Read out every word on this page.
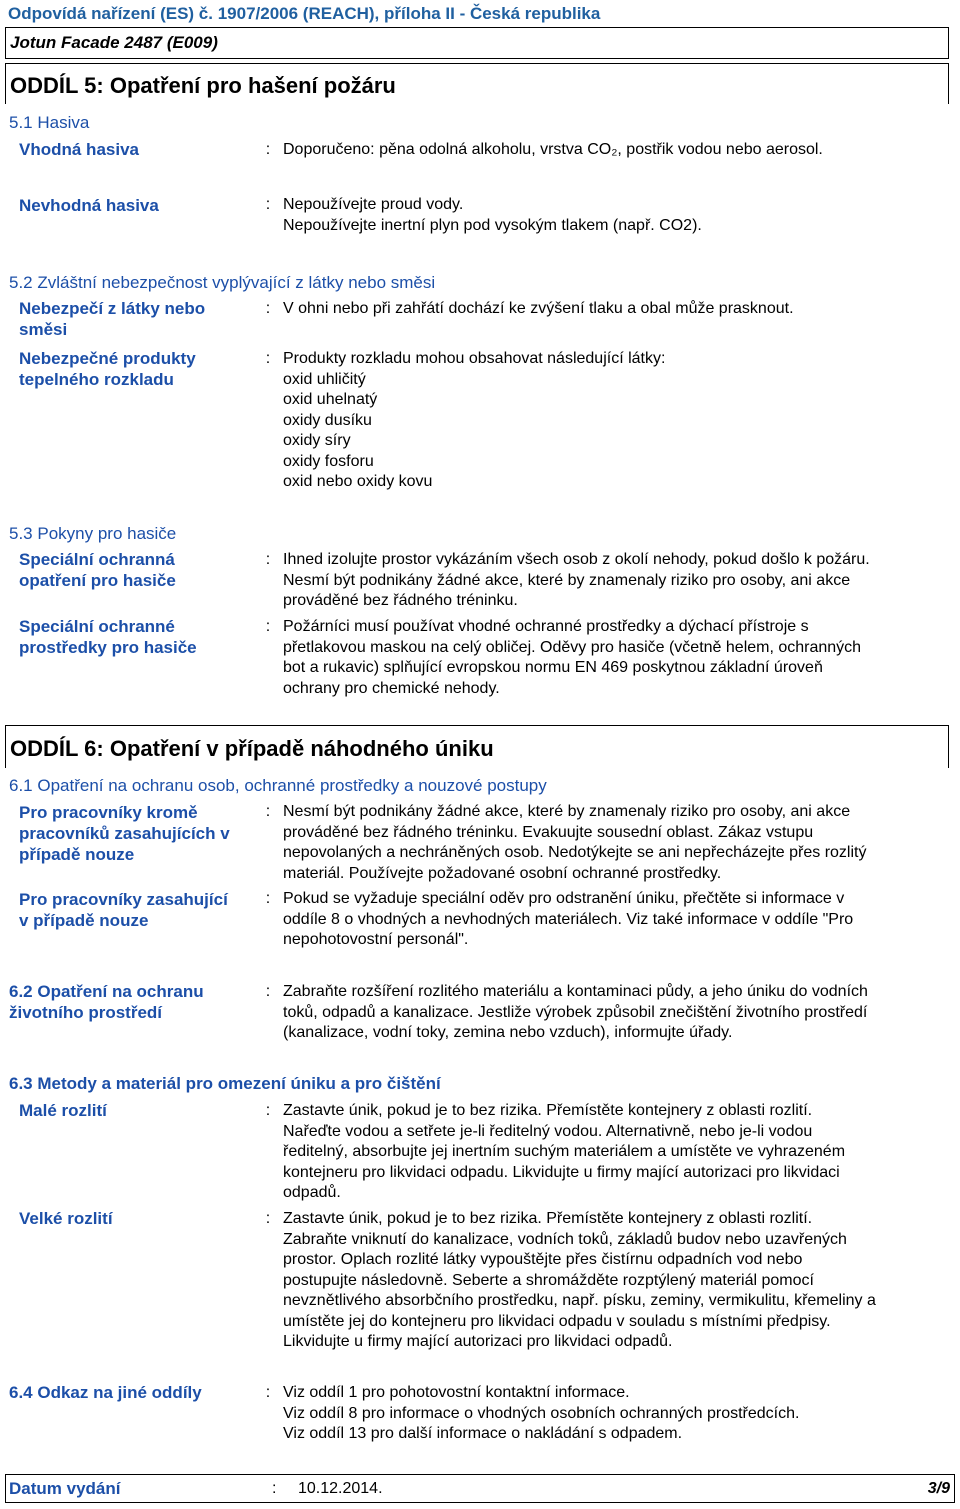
Odpovídá nařízení (ES) č. 1907/2006 (REACH), příloha II - Česká republika
Jotun Facade 2487 (E009)
ODDÍL 5: Opatření pro hašení požáru
5.1 Hasiva
Vhodná hasiva	: Doporučeno: pěna odolná alkoholu, vrstva CO₂, postřik vodou nebo aerosol.
Nevhodná hasiva	: Nepoužívejte proud vody.
Nepoužívejte inertní plyn pod vysokým tlakem (např. CO2).
5.2 Zvláštní nebezpečnost vyplývající z látky nebo směsi
Nebezpečí z látky nebo
směsi
: V ohni nebo při zahřátí dochází ke zvýšení tlaku a obal může prasknout.
Nebezpečné produkty
tepelného rozkladu
: Produkty rozkladu mohou obsahovat následující látky:
oxid uhličitý
oxid uhelnatý
oxidy dusíku
oxidy síry
oxidy fosforu
oxid nebo oxidy kovu
5.3 Pokyny pro hasiče
Speciální ochranná
opatření pro hasiče
: Ihned izolujte prostor vykázáním všech osob z okolí nehody, pokud došlo k požáru.
Nesmí být podnikány žádné akce, které by znamenaly riziko pro osoby, ani akce
prováděné bez řádného tréninku.
Speciální ochranné
prostředky pro hasiče
: Požárníci musí používat vhodné ochranné prostředky a dýchací přístroje s
přetlakovou maskou na celý obličej. Oděvy pro hasiče (včetně helem, ochranných
bot a rukavic) splňující evropskou normu EN 469 poskytnou základní úroveň
ochrany pro chemické nehody.
ODDÍL 6: Opatření v případě náhodného úniku
6.1 Opatření na ochranu osob, ochranné prostředky a nouzové postupy
Pro pracovníky kromě
pracovníků zasahujících v
případě nouze
: Nesmí být podnikány žádné akce, které by znamenaly riziko pro osoby, ani akce
prováděné bez řádného tréninku. Evakuujte sousední oblast. Zákaz vstupu
nepovolaných a nechráněných osob. Nedotýkejte se ani nepřecházejte přes rozlitý
materiál. Používejte požadované osobní ochranné prostředky.
Pro pracovníky zasahující
v případě nouze
: Pokud se vyžaduje speciální oděv pro odstranění úniku, přečtěte si informace v
oddíle 8 o vhodných a nevhodných materiálech. Viz také informace v oddíle "Pro
nepohotovostní personál".
6.2 Opatření na ochranu
životního prostředí
: Zabraňte rozšíření rozlitého materiálu a kontaminaci půdy, a jeho úniku do vodních
toků, odpadů a kanalizace. Jestliže výrobek způsobil znečištění životního prostředí
(kanalizace, vodní toky, zemina nebo vzduch), informujte úřady.
6.3 Metody a materiál pro omezení úniku a pro čištění
Malé rozlití	: Zastavte únik, pokud je to bez rizika. Přemístěte kontejnery z oblasti rozlití.
Nařeďte vodou a setřete je-li ředitelný vodou. Alternativně, nebo je-li vodou
ředitelný, absorbujte jej inertním suchým materiálem a umístěte ve vyhrazeném
kontejneru pro likvidaci odpadu. Likvidujte u firmy mající autorizaci pro likvidaci
odpadů.
Velké rozlití	: Zastavte únik, pokud je to bez rizika. Přemístěte kontejnery z oblasti rozlití.
Zabraňte vniknutí do kanalizace, vodních toků, základů budov nebo uzavřených
prostor. Oplach rozlité látky vypouštějte přes čistírnu odpadních vod nebo
postupujte následovně. Seberte a shromážděte rozptýlený materiál pomocí
nevznětlivého absorbčního prostředku, např. písku, zeminy, vermikulitu, křemeliny a
umístěte jej do kontejneru pro likvidaci odpadu v souladu s místními předpisy.
Likvidujte u firmy mající autorizaci pro likvidaci odpadů.
6.4 Odkaz na jiné oddíly	: Viz oddíl 1 pro pohotovostní kontaktní informace.
Viz oddíl 8 pro informace o vhodných osobních ochranných prostředcích.
Viz oddíl 13 pro další informace o nakládání s odpadem.
Datum vydání	: 10.12.2014.	3/9
